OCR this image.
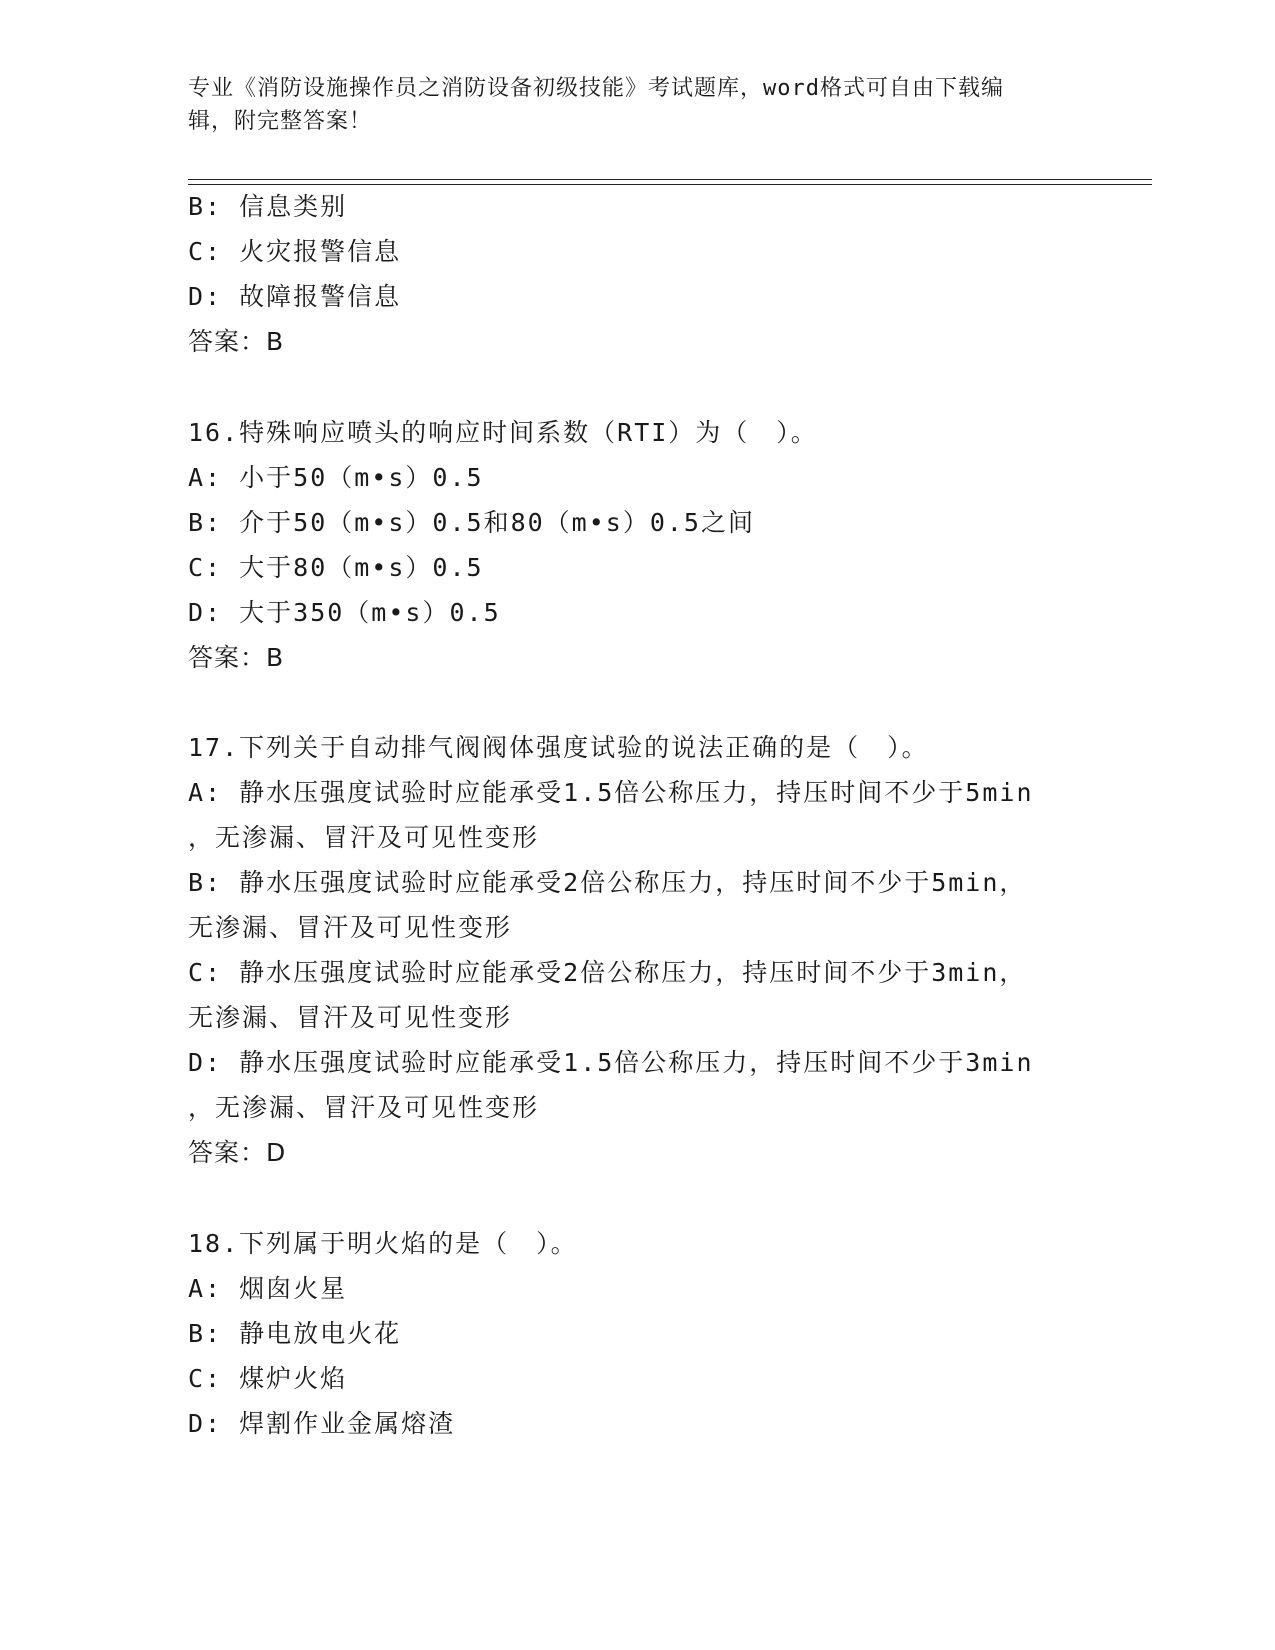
专业《消防设施操作员之消防设备初级技能》考试题库，word格式可自由下载编
辑，附完整答案！
B: 信息类别
C: 火灾报警信息
D: 故障报警信息
答案：B
16.特殊响应喷头的响应时间系数（RTI）为（　）。
A: 小于50（m•s）0.5
B: 介于50（m•s）0.5和80（m•s）0.5之间
C: 大于80（m•s）0.5
D: 大于350（m•s）0.5
答案：B
17.下列关于自动排气阀阀体强度试验的说法正确的是（　）。
A: 静水压强度试验时应能承受1.5倍公称压力，持压时间不少于5min
，无渗漏、冒汗及可见性变形
B: 静水压强度试验时应能承受2倍公称压力，持压时间不少于5min，
无渗漏、冒汗及可见性变形
C: 静水压强度试验时应能承受2倍公称压力，持压时间不少于3min，
无渗漏、冒汗及可见性变形
D: 静水压强度试验时应能承受1.5倍公称压力，持压时间不少于3min
，无渗漏、冒汗及可见性变形
答案：D
18.下列属于明火焰的是（　）。
A: 烟囱火星
B: 静电放电火花
C: 煤炉火焰
D: 焊割作业金属熔渣
